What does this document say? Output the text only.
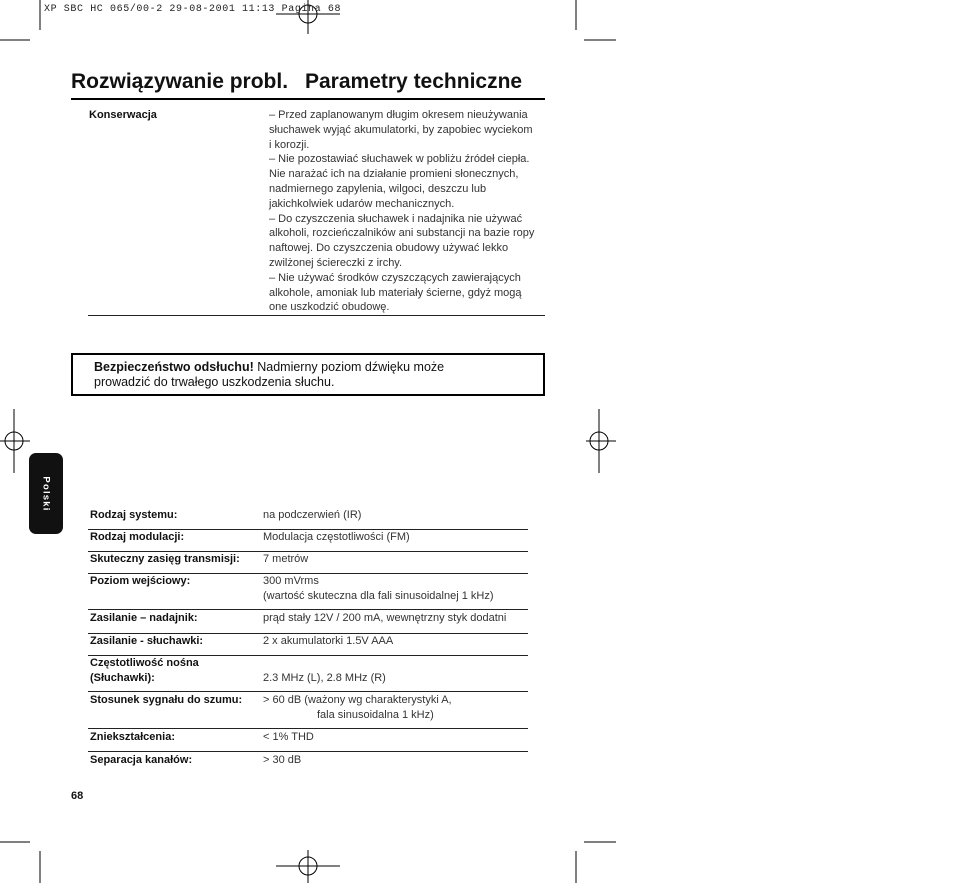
XP SBC HC 065/00-2 29-08-2001 11:13 Pagina 68
Rozwiązywanie probl. Parametry techniczne
Konserwacja	– Przed zaplanowanym długim okresem nieużywania
słuchawek wyjąć akumulatorki, by zapobiec wyciekom
i korozji.
– Nie pozostawiać słuchawek w pobliżu źródeł ciepła.
Nie narażać ich na działanie promieni słonecznych,
nadmiernego zapylenia, wilgoci, deszczu lub
jakichkolwiek udarów mechanicznych.
– Do czyszczenia słuchawek i nadajnika nie używać
alkoholi, rozcieńczalników ani substancji na bazie ropy
naftowej. Do czyszczenia obudowy używać lekko
zwilżonej ściereczki z irchy.
– Nie używać środków czyszczących zawierających
alkohole, amoniak lub materiały ścierne, gdyż mogą
one uszkodzić obudowę.
Bezpieczeństwo odsłuchu! Nadmierny poziom dźwięku może
prowadzić do trwałego uszkodzenia słuchu.
Polski
Rodzaj systemu:	na podczerwień (IR)
Rodzaj modulacji:	Modulacja częstotliwości (FM)
Skuteczny zasięg transmisji:	7 metrów
Poziom wejściowy:	300 mVrms
(wartość skuteczna dla fali sinusoidalnej 1 kHz)
Zasilanie – nadajnik:	prąd stały 12V / 200 mA, wewnętrzny styk dodatni
Zasilanie - słuchawki:	2 x akumulatorki 1.5V AAA
Częstotliwość nośna
(Słuchawki):	2.3 MHz (L), 2.8 MHz (R)
Stosunek sygnału do szumu:	> 60 dB (ważony wg charakterystyki A,
fala sinusoidalna 1 kHz)
Zniekształcenia:	< 1% THD
Separacja kanałów:	> 30 dB
68
